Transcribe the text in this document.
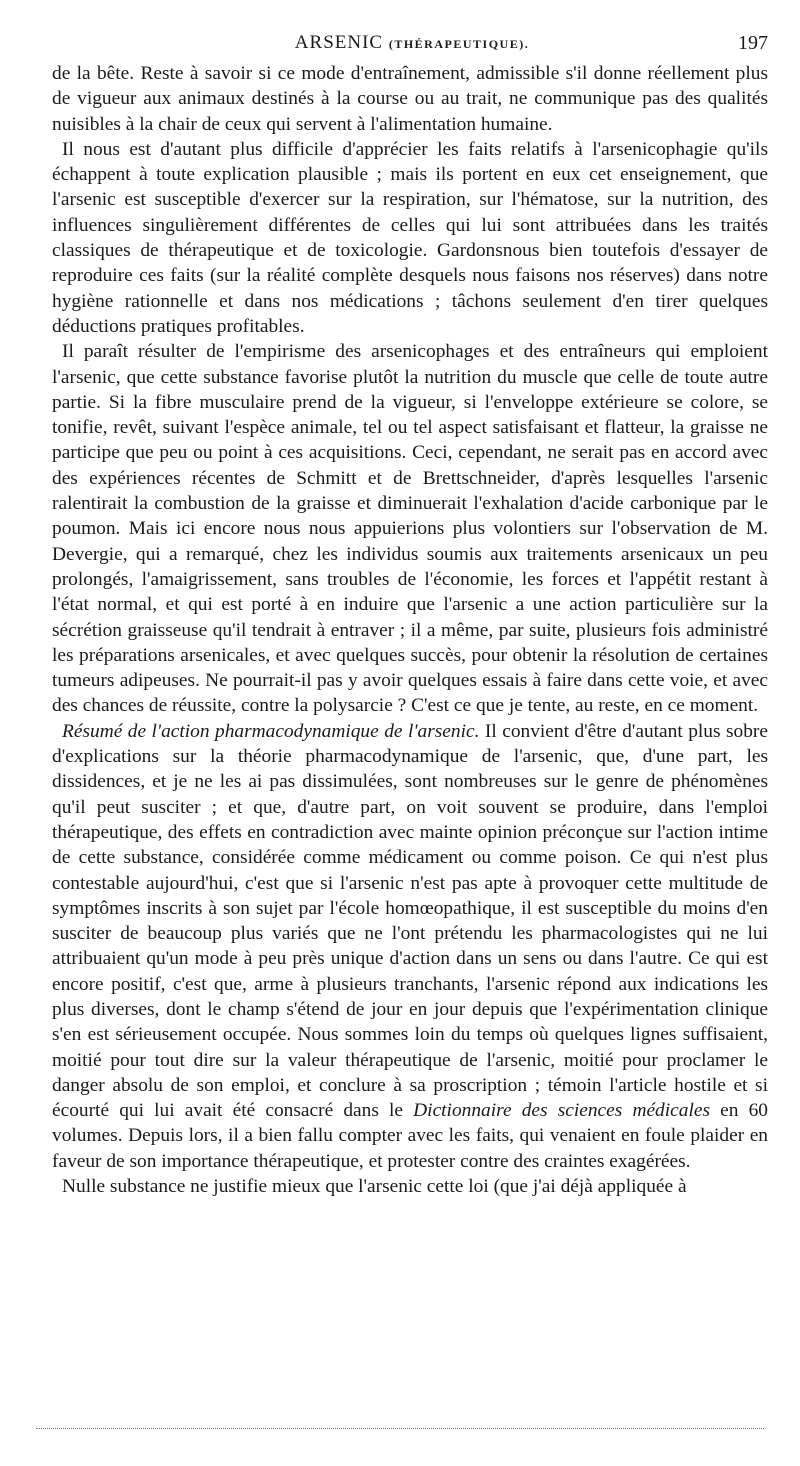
ARSENIC (THÉRAPEUTIQUE).	197

de la bête. Reste à savoir si ce mode d'entraînement, admissible s'il donne réellement plus de vigueur aux animaux destinés à la course ou au trait, ne communique pas des qualités nuisibles à la chair de ceux qui servent à l'alimentation humaine.

Il nous est d'autant plus difficile d'apprécier les faits relatifs à l'arsenicophagie qu'ils échappent à toute explication plausible ; mais ils portent en eux cet enseignement, que l'arsenic est susceptible d'exercer sur la respiration, sur l'hématose, sur la nutrition, des influences singulièrement différentes de celles qui lui sont attribuées dans les traités classiques de thérapeutique et de toxicologie. Gardonsnous bien toutefois d'essayer de reproduire ces faits (sur la réalité complète desquels nous faisons nos réserves) dans notre hygiène rationnelle et dans nos médications ; tâchons seulement d'en tirer quelques déductions pratiques profitables.

Il paraît résulter de l'empirisme des arsenicophages et des entraîneurs qui emploient l'arsenic, que cette substance favorise plutôt la nutrition du muscle que celle de toute autre partie. Si la fibre musculaire prend de la vigueur, si l'enveloppe extérieure se colore, se tonifie, revêt, suivant l'espèce animale, tel ou tel aspect satisfaisant et flatteur, la graisse ne participe que peu ou point à ces acquisitions. Ceci, cependant, ne serait pas en accord avec des expériences récentes de Schmitt et de Brettschneider, d'après lesquelles l'arsenic ralentirait la combustion de la graisse et diminuerait l'exhalation d'acide carbonique par le poumon. Mais ici encore nous nous appuierions plus volontiers sur l'observation de M. Devergie, qui a remarqué, chez les individus soumis aux traitements arsenicaux un peu prolongés, l'amaigrissement, sans troubles de l'économie, les forces et l'appétit restant à l'état normal, et qui est porté à en induire que l'arsenic a une action particulière sur la sécrétion graisseuse qu'il tendrait à entraver ; il a même, par suite, plusieurs fois administré les préparations arsenicales, et avec quelques succès, pour obtenir la résolution de certaines tumeurs adipeuses. Ne pourrait-il pas y avoir quelques essais à faire dans cette voie, et avec des chances de réussite, contre la polysarcie ? C'est ce que je tente, au reste, en ce moment.

Résumé de l'action pharmacodynamique de l'arsenic. Il convient d'être d'autant plus sobre d'explications sur la théorie pharmacodynamique de l'arsenic, que, d'une part, les dissidences, et je ne les ai pas dissimulées, sont nombreuses sur le genre de phénomènes qu'il peut susciter ; et que, d'autre part, on voit souvent se produire, dans l'emploi thérapeutique, des effets en contradiction avec mainte opinion préconçue sur l'action intime de cette substance, considérée comme médicament ou comme poison. Ce qui n'est plus contestable aujourd'hui, c'est que si l'arsenic n'est pas apte à provoquer cette multitude de symptômes inscrits à son sujet par l'école homœopathique, il est susceptible du moins d'en susciter de beaucoup plus variés que ne l'ont prétendu les pharmacologistes qui ne lui attribuaient qu'un mode à peu près unique d'action dans un sens ou dans l'autre. Ce qui est encore positif, c'est que, arme à plusieurs tranchants, l'arsenic répond aux indications les plus diverses, dont le champ s'étend de jour en jour depuis que l'expérimentation clinique s'en est sérieusement occupée. Nous sommes loin du temps où quelques lignes suffisaient, moitié pour tout dire sur la valeur thérapeutique de l'arsenic, moitié pour proclamer le danger absolu de son emploi, et conclure à sa proscription ; témoin l'article hostile et si écourté qui lui avait été consacré dans le Dictionnaire des sciences médicales en 60 volumes. Depuis lors, il a bien fallu compter avec les faits, qui venaient en foule plaider en faveur de son importance thérapeutique, et protester contre des craintes exagérées.

Nulle substance ne justifie mieux que l'arsenic cette loi (que j'ai déjà appliquée à
